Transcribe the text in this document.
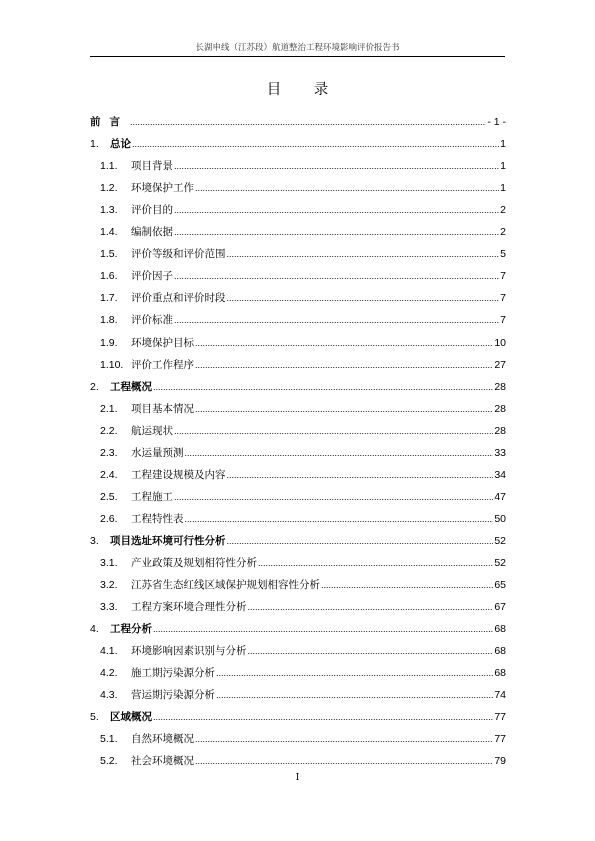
长湖申线（江苏段）航道整治工程环境影响评价报告书
目 录
前言 .....	- 1 -
1.	总论 .....	1
1.1.	项目背景 .....	1
1.2.	环境保护工作 .....	1
1.3.	评价目的 .....	2
1.4.	编制依据 .....	2
1.5.	评价等级和评价范围 .....	5
1.6.	评价因子 .....	7
1.7.	评价重点和评价时段 .....	7
1.8.	评价标准 .....	7
1.9.	环境保护目标 .....	10
1.10. 评价工作程序 .....	27
2.	工程概况 .....	28
2.1.	项目基本情况 .....	28
2.2.	航运现状 .....	28
2.3.	水运量预测 .....	33
2.4.	工程建设规模及内容 .....	34
2.5.	工程施工 .....	47
2.6.	工程特性表 .....	50
3.	项目选址环境可行性分析 .....	52
3.1.	产业政策及规划相符性分析 .....	52
3.2.	江苏省生态红线区域保护规划相容性分析 .....	65
3.3.	工程方案环境合理性分析 .....	67
4.	工程分析 .....	68
4.1.	环境影响因素识别与分析 .....	68
4.2.	施工期污染源分析 .....	68
4.3.	营运期污染源分析 .....	74
5.	区域概况 .....	77
5.1.	自然环境概况 .....	77
5.2.	社会环境概况 .....	79
I
